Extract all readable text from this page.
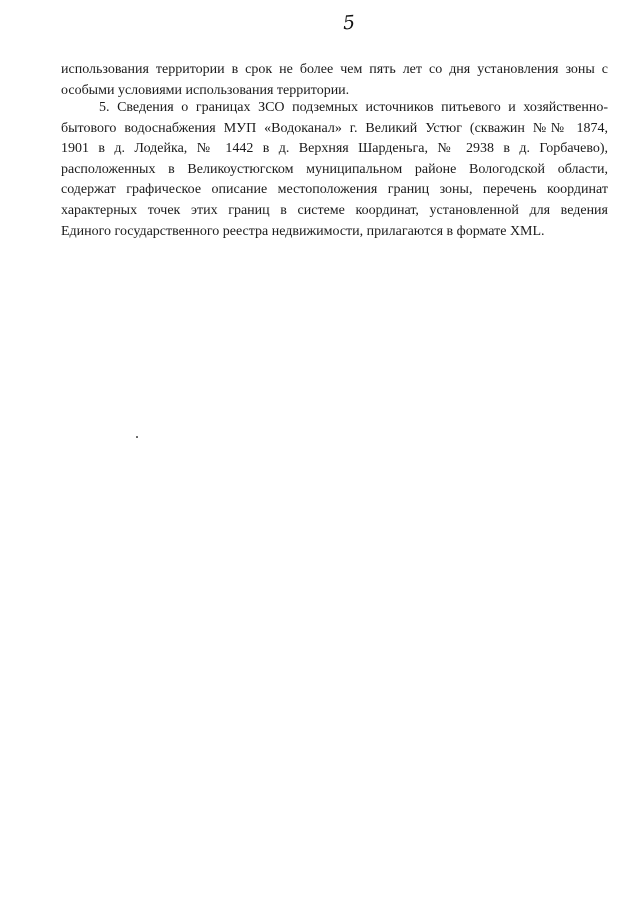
5

использования территории в срок не более чем пять лет со дня установления зоны с
особыми условиями использования территории.

5. Сведения о границах ЗСО подземных источников питьевого и хозяйственно-
бытового водоснабжения МУП «Водоканал» г. Великий Устюг (скважин №№ 1874,
1901 в д. Лодейка, № 1442 в д. Верхняя Шарденьга, № 2938 в д. Горбачево),
расположенных в Великоустюгском муниципальном районе Вологодской области,
содержат графическое описание местоположения границ зоны, перечень координат
характерных точек этих границ в системе координат, установленной для ведения
Единого государственного реестра недвижимости, прилагаются в формате XML.
